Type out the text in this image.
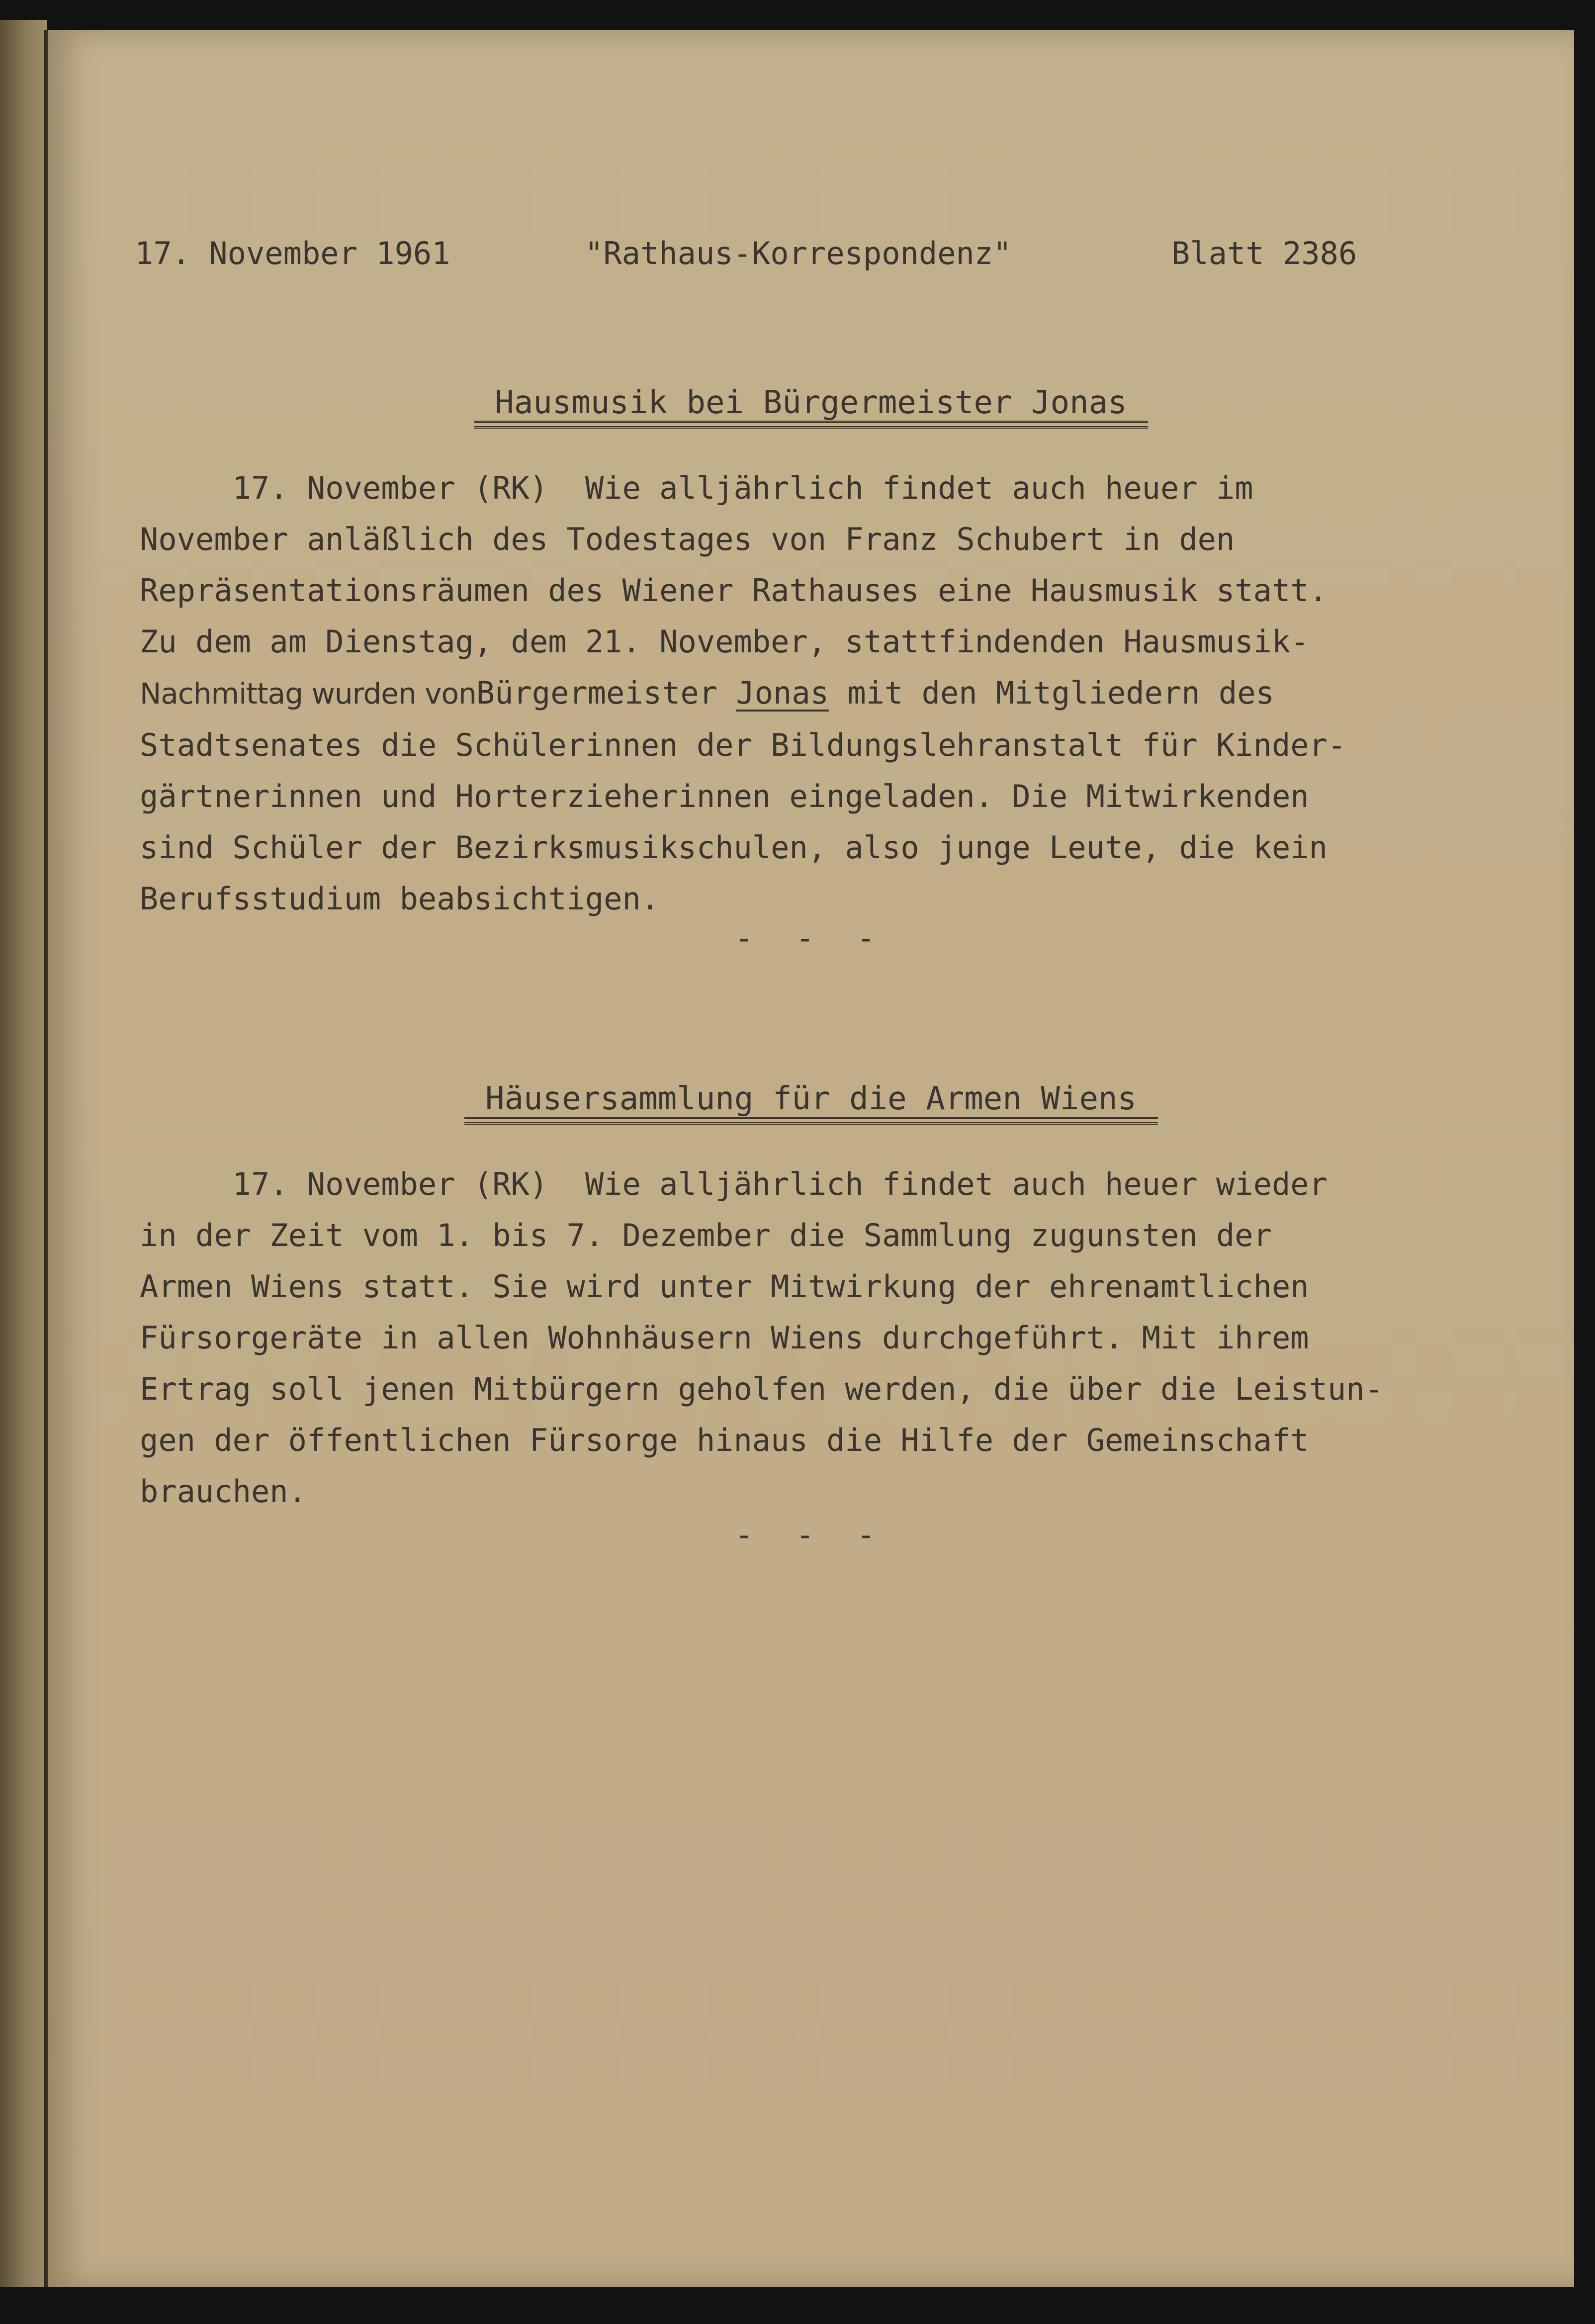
17. November 1961	"Rathaus-Korrespondenz"	Blatt 2386
Hausmusik bei Bürgermeister Jonas
17. November (RK)  Wie alljährlich findet auch heuer im
November anläßlich des Todestages von Franz Schubert in den
Repräsentationsräumen des Wiener Rathauses eine Hausmusik statt.
Zu dem am Dienstag, dem 21. November, stattfindenden Hausmusik-
Nachmittag wurden vonBürgermeister Jonas mit den Mitgliedern des
Stadtsenates die Schülerinnen der Bildungslehranstalt für Kinder-
gärtnerinnen und Horterzieherinnen eingeladen. Die Mitwirkenden
sind Schüler der Bezirksmusikschulen, also junge Leute, die kein
Berufsstudium beabsichtigen.
- - -
Häusersammlung für die Armen Wiens
17. November (RK)  Wie alljährlich findet auch heuer wieder
in der Zeit vom 1. bis 7. Dezember die Sammlung zugunsten der
Armen Wiens statt. Sie wird unter Mitwirkung der ehrenamtlichen
Fürsorgeräte in allen Wohnhäusern Wiens durchgeführt. Mit ihrem
Ertrag soll jenen Mitbürgern geholfen werden, die über die Leistun-
gen der öffentlichen Fürsorge hinaus die Hilfe der Gemeinschaft
brauchen.
- - -
